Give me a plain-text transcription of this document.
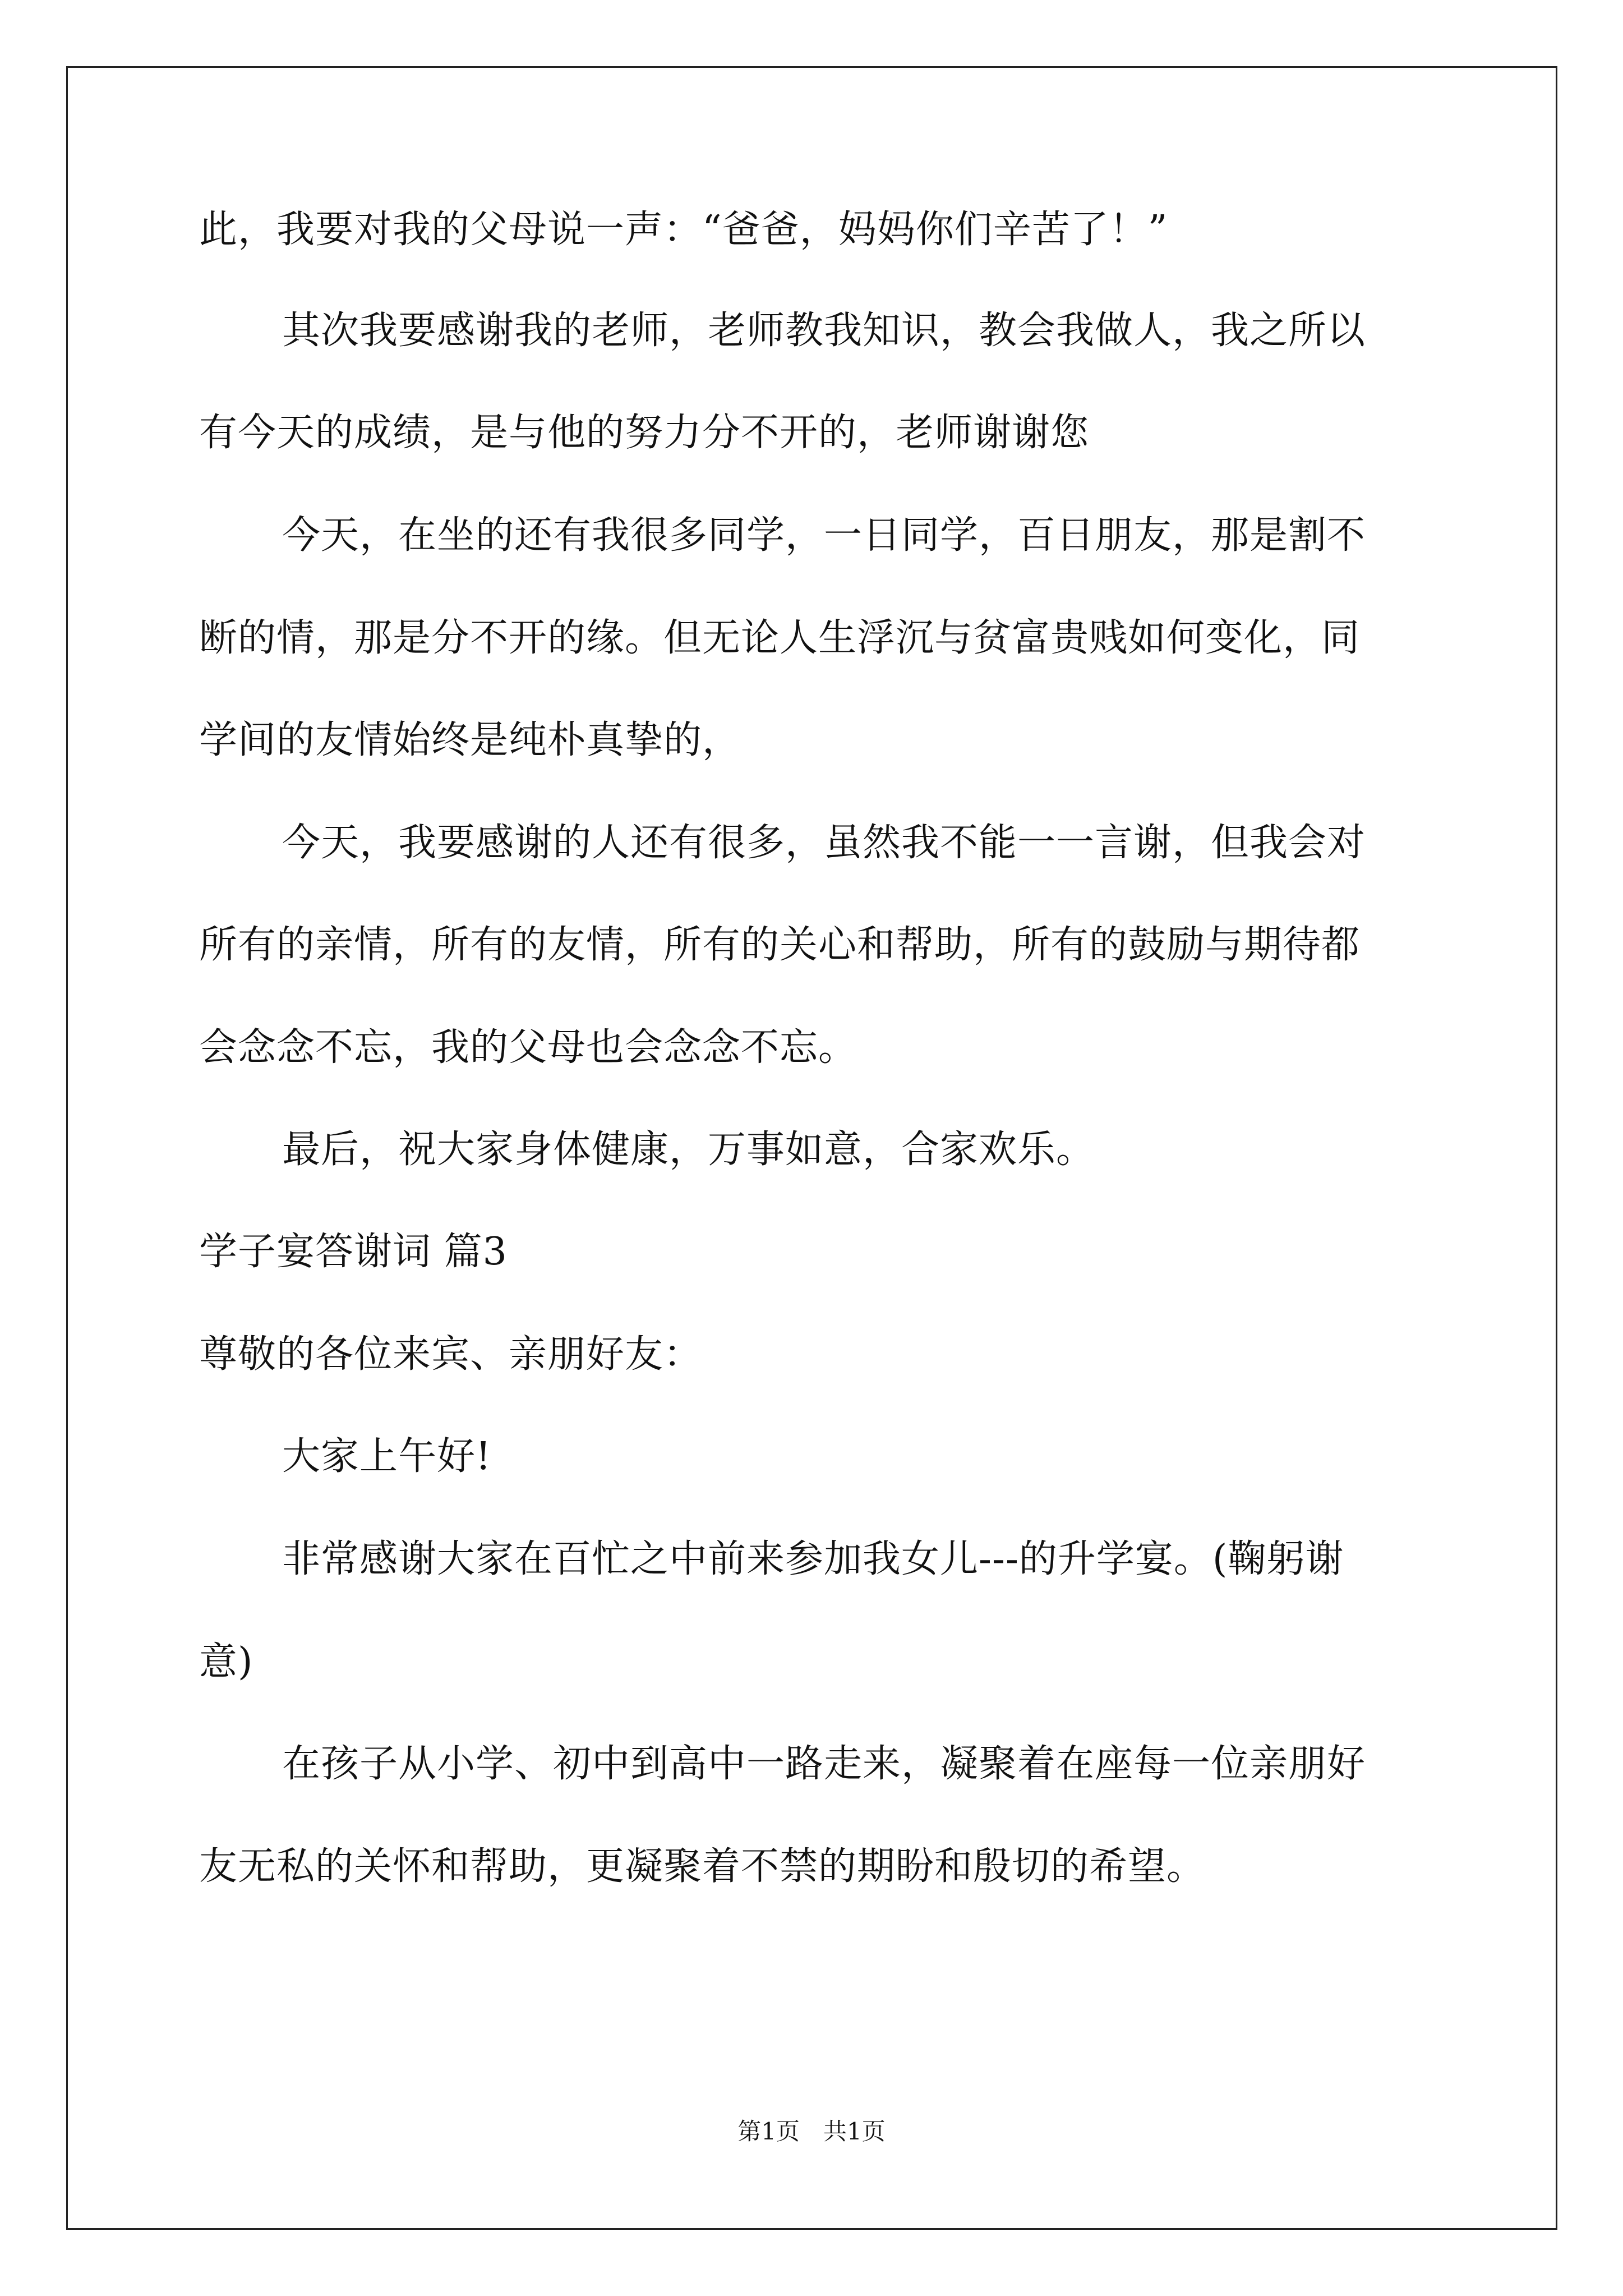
此，我要对我的父母说一声：“爸爸，妈妈你们辛苦了！”
其次我要感谢我的老师，老师教我知识，教会我做人，我之所以
有今天的成绩，是与他的努力分不开的，老师谢谢您
今天，在坐的还有我很多同学，一日同学，百日朋友，那是割不
断的情，那是分不开的缘。但无论人生浮沉与贫富贵贱如何变化，同
学间的友情始终是纯朴真挚的，
今天，我要感谢的人还有很多，虽然我不能一一言谢，但我会对
所有的亲情，所有的友情，所有的关心和帮助，所有的鼓励与期待都
会念念不忘，我的父母也会念念不忘。
最后，祝大家身体健康，万事如意，合家欢乐。
学子宴答谢词 篇3
尊敬的各位来宾、亲朋好友：
大家上午好!
非常感谢大家在百忙之中前来参加我女儿---的升学宴。(鞠躬谢
意)
在孩子从小学、初中到高中一路走来，凝聚着在座每一位亲朋好
友无私的关怀和帮助，更凝聚着不禁的期盼和殷切的希望。
第1页　共1页
